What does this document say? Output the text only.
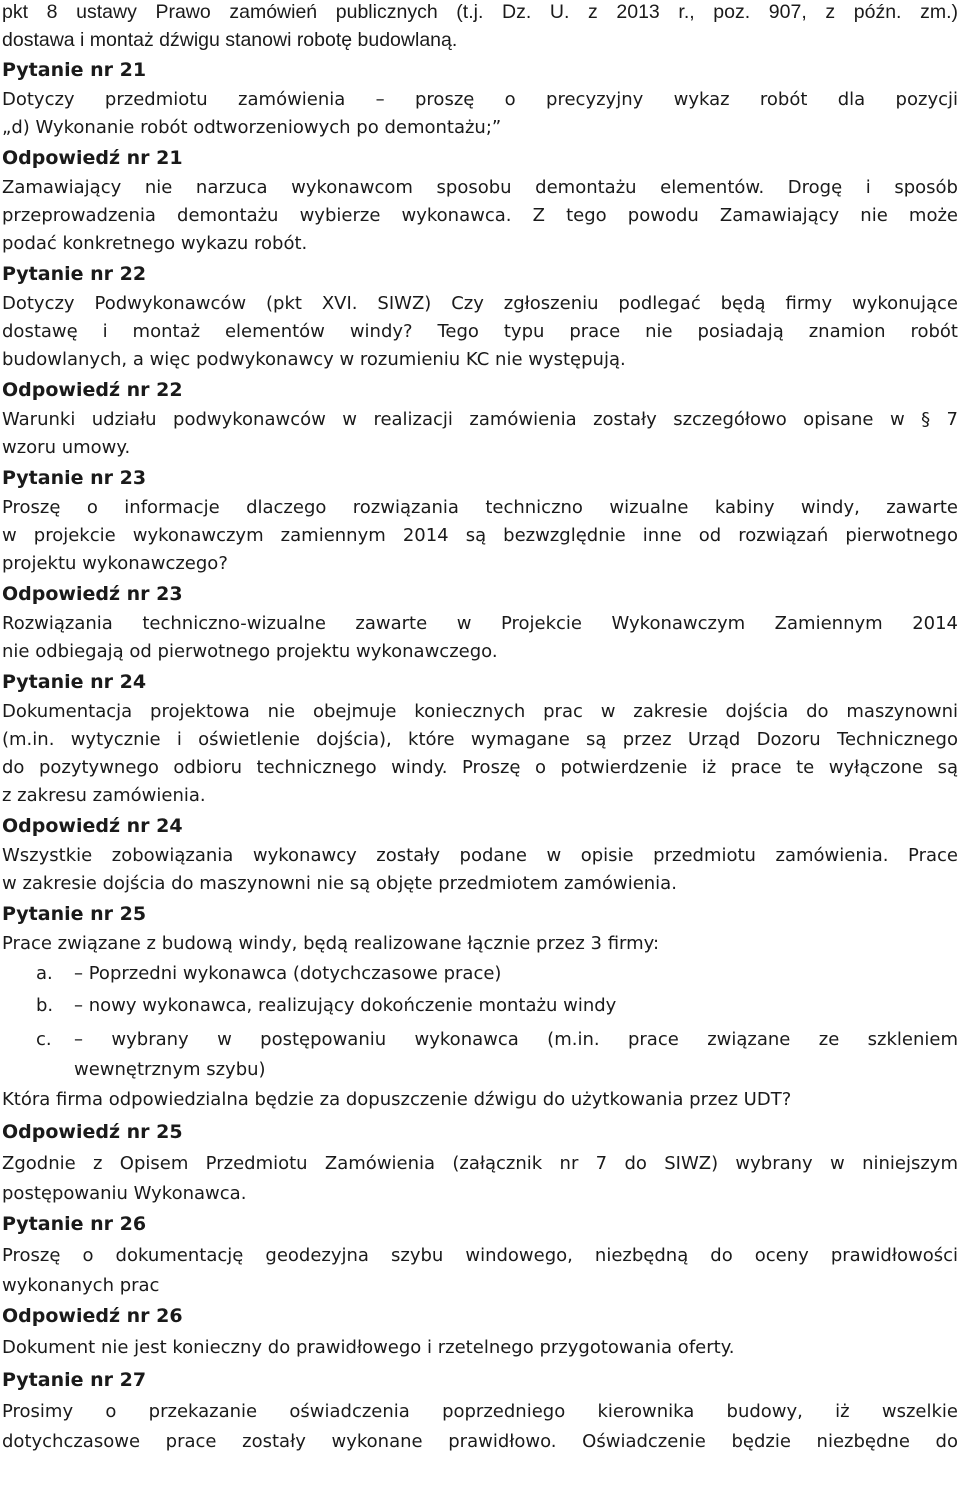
pkt 8 ustawy Prawo zamówień publicznych (t.j. Dz. U. z 2013 r., poz. 907, z późn. zm.)
dostawa i montaż dźwigu stanowi robotę budowlaną.
Pytanie nr 21
Dotyczy przedmiotu zamówienia – proszę o precyzyjny wykaz robót dla pozycji
„d) Wykonanie robót odtworzeniowych po demontażu;”
Odpowiedź nr 21
Zamawiający nie narzuca wykonawcom sposobu demontażu elementów. Drogę i sposób
przeprowadzenia demontażu wybierze wykonawca. Z tego powodu Zamawiający nie może
podać konkretnego wykazu robót.
Pytanie nr 22
Dotyczy Podwykonawców (pkt XVI. SIWZ) Czy zgłoszeniu podlegać będą firmy wykonujące
dostawę i montaż elementów windy? Tego typu prace nie posiadają znamion robót
budowlanych, a więc podwykonawcy w rozumieniu KC nie występują.
Odpowiedź nr 22
Warunki udziału podwykonawców w realizacji zamówienia zostały szczegółowo opisane w § 7
wzoru umowy.
Pytanie nr 23
Proszę o informacje dlaczego rozwiązania techniczno wizualne kabiny windy, zawarte
w projekcie wykonawczym zamiennym 2014 są bezwzględnie inne od rozwiązań pierwotnego
projektu wykonawczego?
Odpowiedź nr 23
Rozwiązania techniczno-wizualne zawarte w Projekcie Wykonawczym Zamiennym 2014
nie odbiegają od pierwotnego projektu wykonawczego.
Pytanie nr 24
Dokumentacja projektowa nie obejmuje koniecznych prac w zakresie dojścia do maszynowni
(m.in. wytycznie i oświetlenie dojścia), które wymagane są przez Urząd Dozoru Technicznego
do pozytywnego odbioru technicznego windy. Proszę o potwierdzenie iż prace te wyłączone są
z zakresu zamówienia.
Odpowiedź nr 24
Wszystkie zobowiązania wykonawcy zostały podane w opisie przedmiotu zamówienia. Prace
w zakresie dojścia do maszynowni nie są objęte przedmiotem zamówienia.
Pytanie nr 25
Prace związane z budową windy, będą realizowane łącznie przez 3 firmy:
a. – Poprzedni wykonawca (dotychczasowe prace)
b. – nowy wykonawca, realizujący dokończenie montażu windy
c. – wybrany w postępowaniu wykonawca (m.in. prace związane ze szkleniem
wewnętrznym szybu)
Która firma odpowiedzialna będzie za dopuszczenie dźwigu do użytkowania przez UDT?
Odpowiedź nr 25
Zgodnie z Opisem Przedmiotu Zamówienia (załącznik nr 7 do SIWZ) wybrany w niniejszym
postępowaniu Wykonawca.
Pytanie nr 26
Proszę o dokumentację geodezyjna szybu windowego, niezbędną do oceny prawidłowości
wykonanych prac
Odpowiedź nr 26
Dokument nie jest konieczny do prawidłowego i rzetelnego przygotowania oferty.
Pytanie nr 27
Prosimy o przekazanie oświadczenia poprzedniego kierownika budowy, iż wszelkie
dotychczasowe prace zostały wykonane prawidłowo. Oświadczenie będzie niezbędne do
